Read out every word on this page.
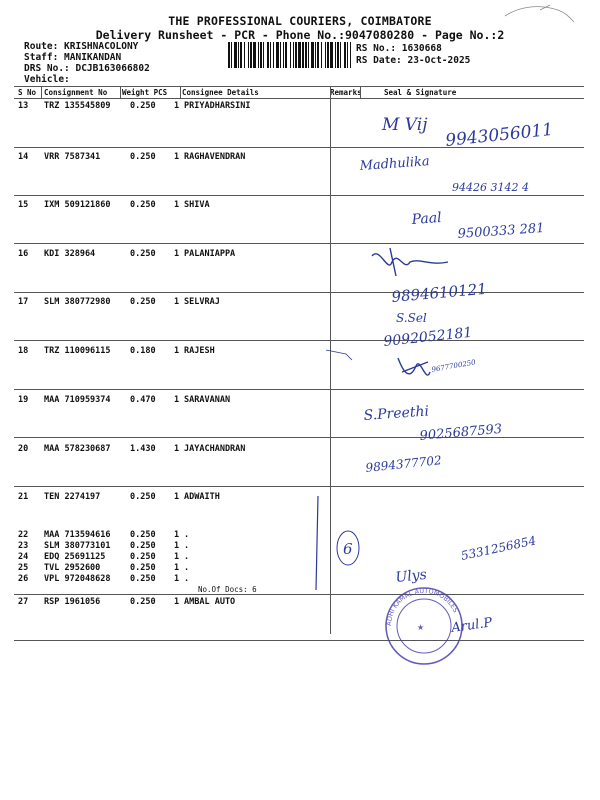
THE PROFESSIONAL COURIERS, COIMBATORE
Delivery Runsheet - PCR - Phone No.:9047080280 - Page No.:2
Route: KRISHNACOLONY
Staff: MANIKANDAN
DRS No.: DCJB163066802
Vehicle:
RS No.: 1630668
RS Date: 23-Oct-2025
S No Consignment No Weight PCS Consignee Details	Remarks	Seal & Signature
13 TRZ 135545809 0.250 1 PRIYADHARSINI
14 VRR 7587341	0.250 1 RAGHAVENDRAN
15 IXM 509121860 0.250 1 SHIVA
16 KDI 328964	0.250 1 PALANIAPPA
17 SLM 380772980 0.250 1 SELVRAJ
18 TRZ 110096115 0.180 1 RAJESH
19 MAA 710959374 0.470 1 SARAVANAN
20 MAA 578230687 1.430 1 JAYACHANDRAN
21 TEN 2274197	0.250 1 ADWAITH
22 MAA 713594616 0.250 1 .
23 SLM 380773101 0.250 1 .
24 EDQ 25691125	0.250 1 .
25 TVL 2952600	0.250 1 .
26 VPL 972048628 0.250 1 .
No.Of Docs: 6
27 RSP 1961056	0.250 1 AMBAL AUTO
M Vij 9943056011
Madhulika
94426 3142 4
Paal
9500333 281
9894610121
S.Sel
9092052181
9677700250
S.Preethi
9025687593
9894377702
Ulys
5331256854
Arul.P
6
ADHI KAMAL AUTOMOBILES
★
